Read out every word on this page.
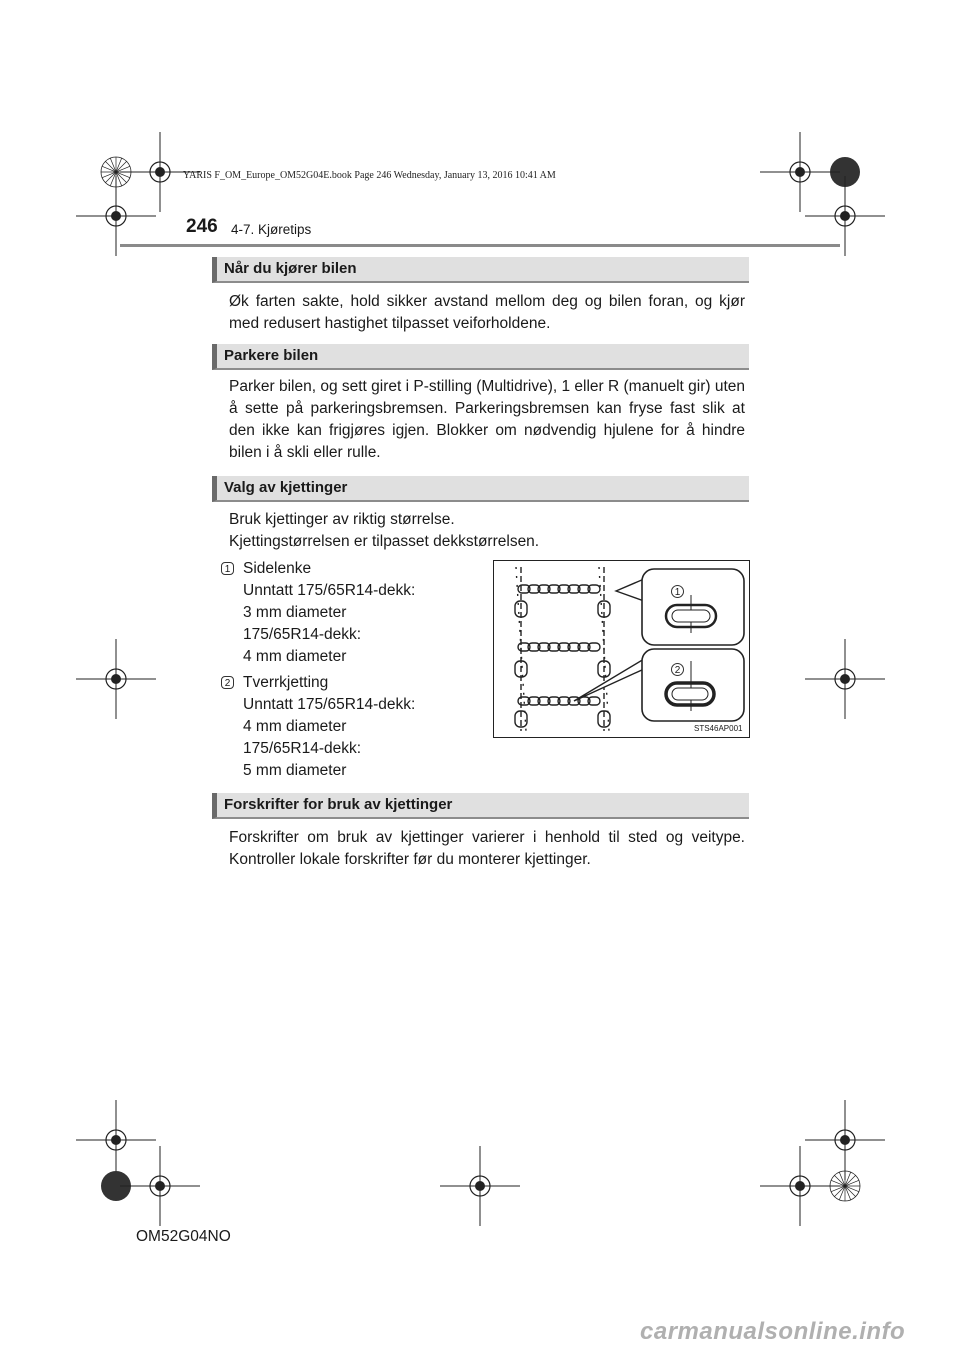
YARIS F_OM_Europe_OM52G04E.book Page 246 Wednesday, January 13, 2016 10:41 AM
246 4-7. Kjøretips
Når du kjører bilen

Øk farten sakte, hold sikker avstand mellom deg og bilen foran, og kjør med redusert hastighet tilpasset veiforholdene.

Parkere bilen

Parker bilen, og sett giret i P-stilling (Multidrive), 1 eller R (manuelt gir) uten å sette på parkeringsbremsen. Parkeringsbremsen kan fryse fast slik at den ikke kan frigjøres igjen. Blokker om nødvendig hjulene for å hindre bilen i å skli eller rulle.

Valg av kjettinger
Bruk kjettinger av riktig størrelse.
Kjettingstørrelsen er tilpasset dekkstørrelsen.
1 Sidelenke
Unntatt 175/65R14-dekk:
3 mm diameter
175/65R14-dekk:
4 mm diameter
2 Tverrkjetting
Unntatt 175/65R14-dekk:
4 mm diameter
175/65R14-dekk:
5 mm diameter
1
2
STS46AP001
Forskrifter for bruk av kjettinger

Forskrifter om bruk av kjettinger varierer i henhold til sted og veitype. Kontroller lokale forskrifter før du monterer kjettinger.

OM52G04NO
carmanualsonline.info
